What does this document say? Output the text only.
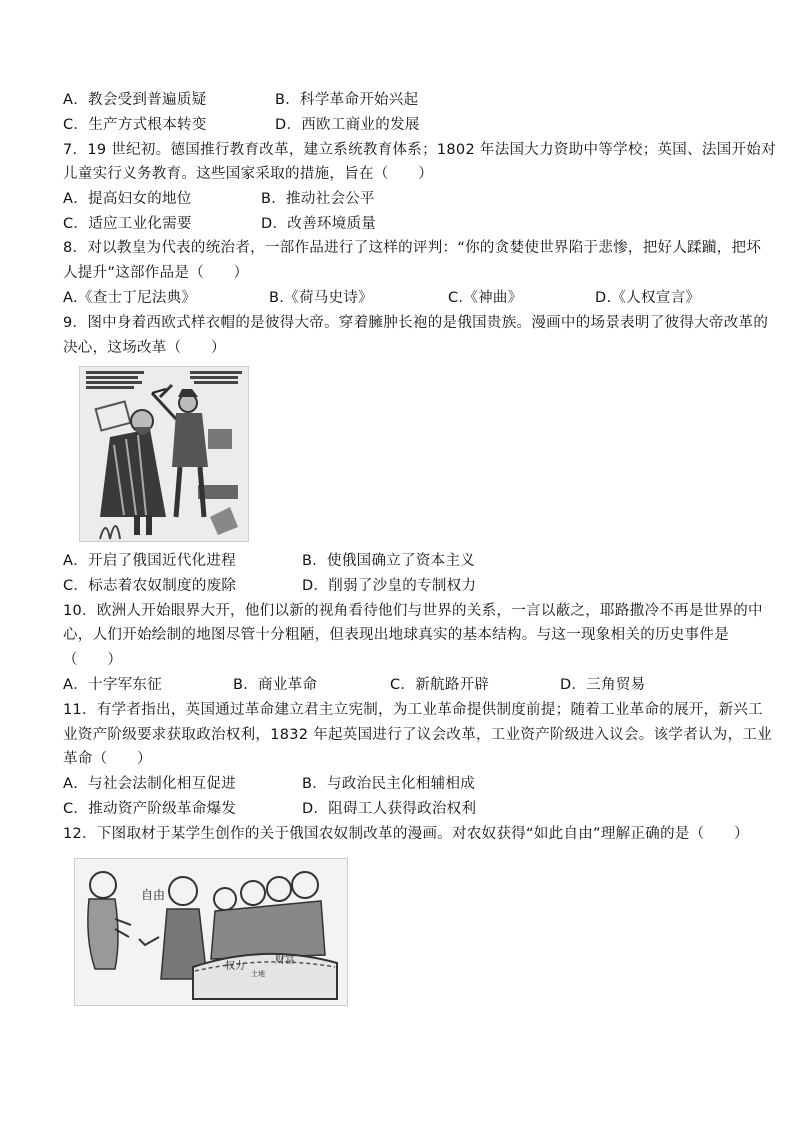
A．教会受到普遍质疑	B．科学革命开始兴起
C．生产方式根本转变	D．西欧工商业的发展
7．19 世纪初。德国推行教育改革，建立系统教育体系；1802 年法国大力资助中等学校；英国、法国开始对
儿童实行义务教育。这些国家采取的措施，旨在（　　）
A．提高妇女的地位	B．推动社会公平
C．适应工业化需要	D．改善环境质量
8．对以教皇为代表的统治者，一部作品进行了这样的评判：“你的贪婪使世界陷于悲惨，把好人蹂躏，把坏
人提升”这部作品是（　　）
A.《查士丁尼法典》	B.《荷马史诗》	C.《神曲》	D.《人权宣言》
9．图中身着西欧式样衣帽的是彼得大帝。穿着臃肿长袍的是俄国贵族。漫画中的场景表明了彼得大帝改革的
决心，这场改革（　　）
A．开启了俄国近代化进程	B．使俄国确立了资本主义
C．标志着农奴制度的废除	D．削弱了沙皇的专制权力
10．欧洲人开始眼界大开，他们以新的视角看待他们与世界的关系，一言以蔽之，耶路撒冷不再是世界的中
心，人们开始绘制的地图尽管十分粗陋，但表现出地球真实的基本结构。与这一现象相关的历史事件是
（　　）
A．十字军东征	B．商业革命	C．新航路开辟	D．三角贸易
11．有学者指出，英国通过革命建立君主立宪制，为工业革命提供制度前提；随着工业革命的展开，新兴工
业资产阶级要求获取政治权利，1832 年起英国进行了议会改革，工业资产阶级进入议会。该学者认为，工业
革命（　　）
A．与社会法制化相互促进	B．与政治民主化相辅相成
C．推动资产阶级革命爆发	D．阻碍工人获得政治权利
12．下图取材于某学生创作的关于俄国农奴制改革的漫画。对农奴获得“如此自由”理解正确的是（　　）
自由
权力
土地
财富
